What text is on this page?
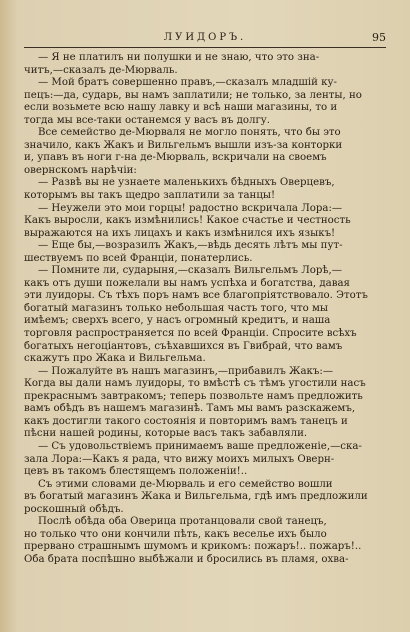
ЛУИДОРЪ.	95
— Я не платилъ ни полушки и не знаю, что это зна-
читъ,—сказалъ де-Мюрваль.
— Мой братъ совершенно правъ,—сказалъ младшій ку-
пецъ:—да, сударь, вы намъ заплатили; не только, за ленты, но
если возьмете всю нашу лавку и всѣ наши магазины, то и
тогда мы все-таки останемся у васъ въ долгу.
Все семейство де-Мюрваля не могло понять, что бы это
значило, какъ Жакъ и Вильгельмъ вышли изъ-за конторки
и, упавъ въ ноги г-на де-Мюрваль, вскричали на своемъ
овернскомъ нарѣчіи:
— Развѣ вы не узнаете маленькихъ бѣдныхъ Оверцевъ,
которымъ вы такъ щедро заплатили за танцы!
— Неужели это мои горцы! радостно вскричала Лора:—
Какъ выросли, какъ измѣнились! Какое счастье и честность
выражаются на ихъ лицахъ и какъ измѣнился ихъ языкъ!
— Еще бы,—возразилъ Жакъ,—вѣдь десять лѣтъ мы пут-
шествуемъ по всей Франціи, понатерлись.
— Помните ли, сударыня,—сказалъ Вильгельмъ Лорѣ,—
какъ отъ души пожелали вы намъ успѣха и богатства, давая
эти луидоры. Съ тѣхъ поръ намъ все благопріятствовало. Этотъ
богатый магазинъ только небольшая часть того, что мы
имѣемъ; сверхъ всего, у насъ огромный кредитъ, и наша
торговля распространяется по всей Франціи. Спросите всѣхъ
богатыхъ негоціантовъ, съѣхавшихся въ Гвибрай, что вамъ
скажутъ про Жака и Вильгельма.
— Пожалуйте въ нашъ магазинъ,—прибавилъ Жакъ:—
Когда вы дали намъ луидоры, то вмѣстѣ съ тѣмъ угостили насъ
прекраснымъ завтракомъ; теперь позвольте намъ предложить
вамъ обѣдъ въ нашемъ магазинѣ. Тамъ мы вамъ разскажемъ,
какъ достигли такого состоянія и повторимъ вамъ танецъ и
пѣсни нашей родины, которые васъ такъ забавляли.
— Съ удовольствіемъ принимаемъ ваше предложеніе,—ска-
зала Лора:—Какъ я рада, что вижу моихъ милыхъ Оверн-
цевъ въ такомъ блестящемъ положеніи!..
Съ этими словами де-Мюрваль и его семейство вошли
въ богатый магазинъ Жака и Вильгельма, гдѣ имъ предложили
роскошный обѣдъ.
Послѣ обѣда оба Оверица протанцовали свой танецъ,
но только что они кончили пѣть, какъ веселье ихъ было
прервано страшнымъ шумомъ и крикомъ: пожаръ!.. пожаръ!..
Оба брата поспѣшно выбѣжали и бросились въ пламя, охва-
